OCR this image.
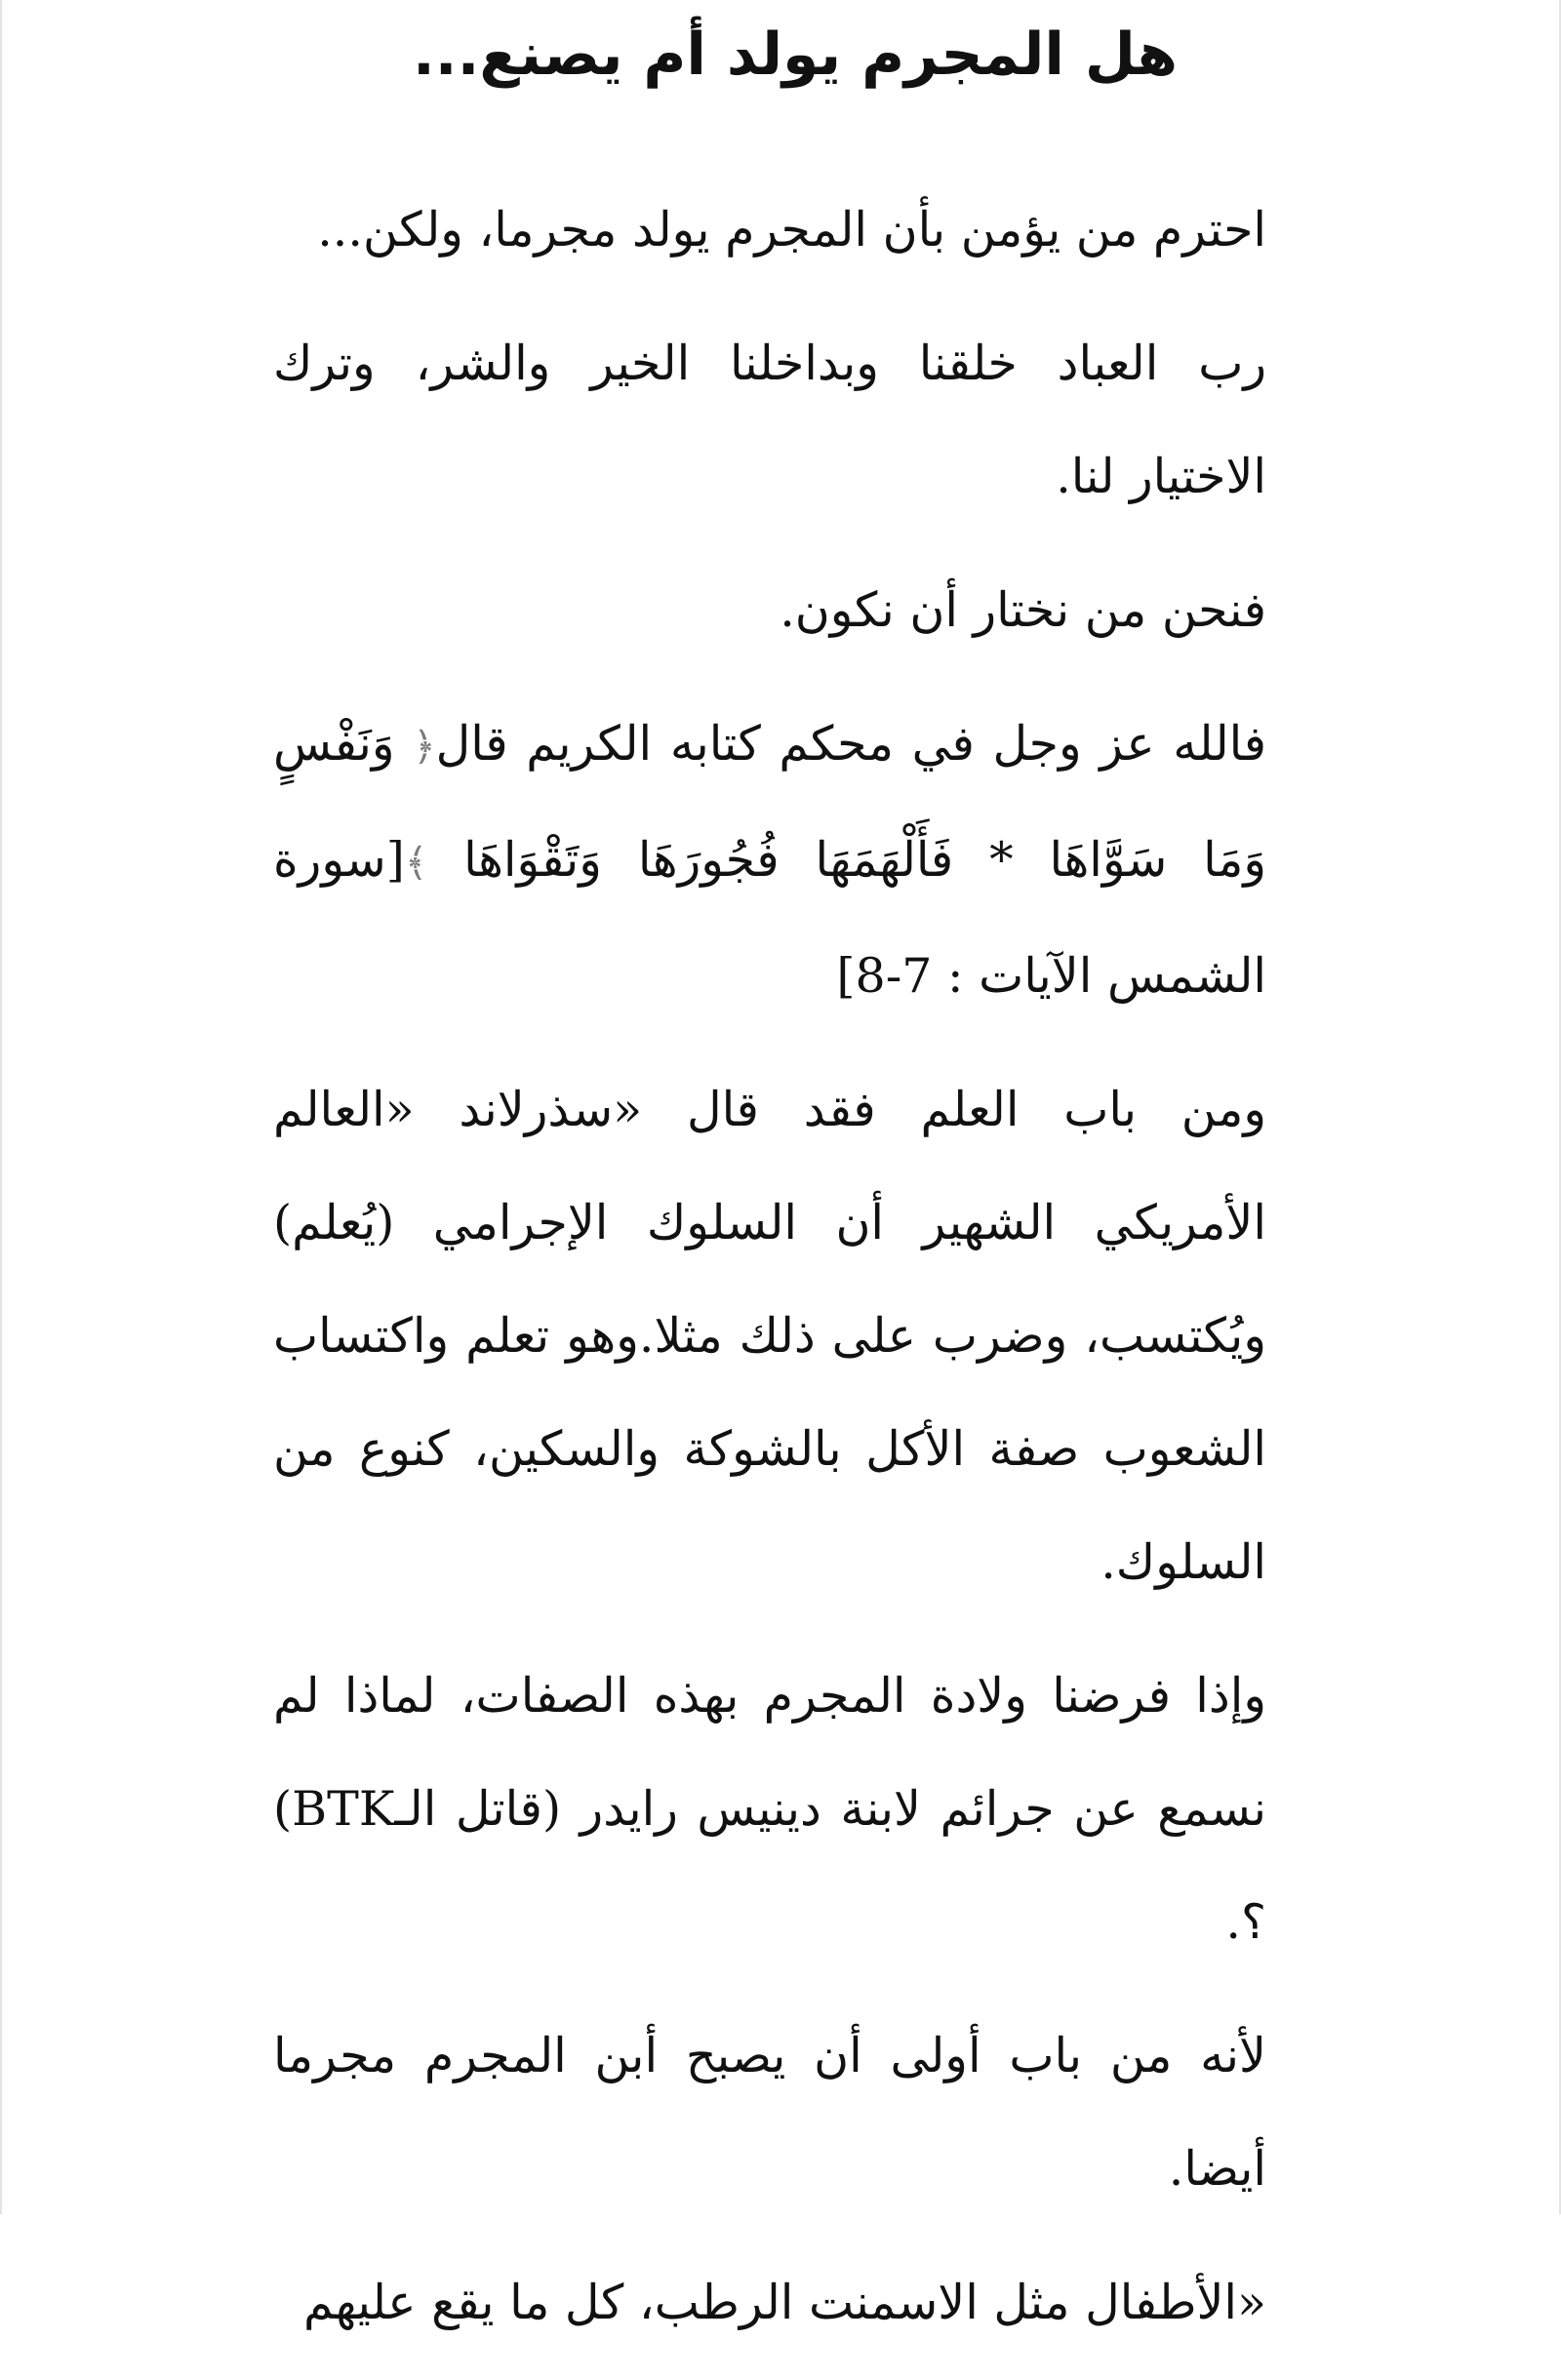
هل المجرم يولد أم يصنع...

احترم من يؤمن بأن المجرم يولد مجرما، ولكن...

رب العباد خلقنا وبداخلنا الخير والشر، وترك الاختيار لنا.

فنحن من نختار أن نكون.

فالله عز وجل في محكم كتابه الكريم قال﴿ وَنَفْسٍ وَمَا سَوَّاهَا * فَأَلْهَمَهَا فُجُورَهَا وَتَقْوَاهَا ﴾[سورة الشمس الآيات : 7-8]

ومن باب العلم فقد قال «سذرلاند «العالم الأمريكي الشهير أن السلوك الإجرامي (يُعلم) ويُكتسب، وضرب على ذلك مثلا.وهو تعلم واكتساب الشعوب صفة الأكل بالشوكة والسكين، كنوع من السلوك.

وإذا فرضنا ولادة المجرم بهذه الصفات، لماذا لم نسمع عن جرائم لابنة دينيس رايدر (قاتل الـBTK) ؟.

لأنه من باب أولى أن يصبح أبن المجرم مجرما أيضا.

«الأطفال مثل الاسمنت الرطب، كل ما يقع عليهم
